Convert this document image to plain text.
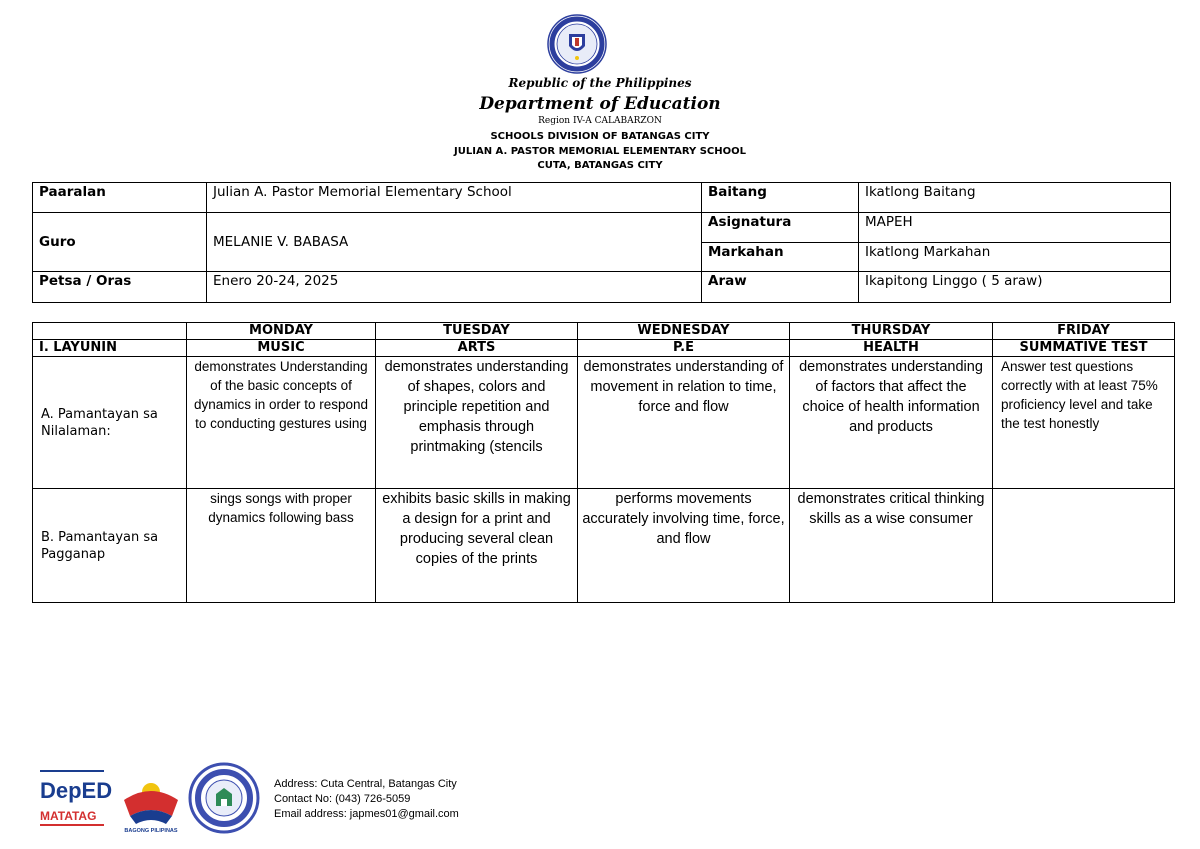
Republic of the Philippines
Department of Education
Region IV-A CALABARZON
SCHOOLS DIVISION OF BATANGAS CITY
JULIAN A. PASTOR MEMORIAL ELEMENTARY SCHOOL
CUTA, BATANGAS CITY
Paaralan	Julian A. Pastor Memorial Elementary School	Baitang	Ikatlong Baitang
Guro	MELANIE V. BABASA	Asignatura	MAPEH
		Markahan	Ikatlong Markahan
Petsa / Oras	Enero 20-24, 2025	Araw	Ikapitong Linggo ( 5 araw)
	MONDAY	TUESDAY	WEDNESDAY	THURSDAY	FRIDAY
I. LAYUNIN	MUSIC	ARTS	P.E	HEALTH	SUMMATIVE TEST
A. Pamantayan sa Nilalaman:	demonstrates Understanding of the basic concepts of dynamics in order to respond to conducting gestures using	demonstrates understanding of shapes, colors and principle repetition and emphasis through printmaking (stencils	demonstrates understanding of movement in relation to time, force and flow	demonstrates understanding of factors that affect the choice of health information and products	Answer test questions correctly with at least 75% proficiency level and take the test honestly
B. Pamantayan sa Pagganap	sings songs with proper dynamics following bass	exhibits basic skills in making a design for a print and producing several clean copies of the prints	performs movements accurately involving time, force, and flow	demonstrates critical thinking skills as a wise consumer	
DepED
MATATAG
BAGONG PILIPINAS
Address: Cuta Central, Batangas City
Contact No: (043) 726-5059
Email address: japmes01@gmail.com
